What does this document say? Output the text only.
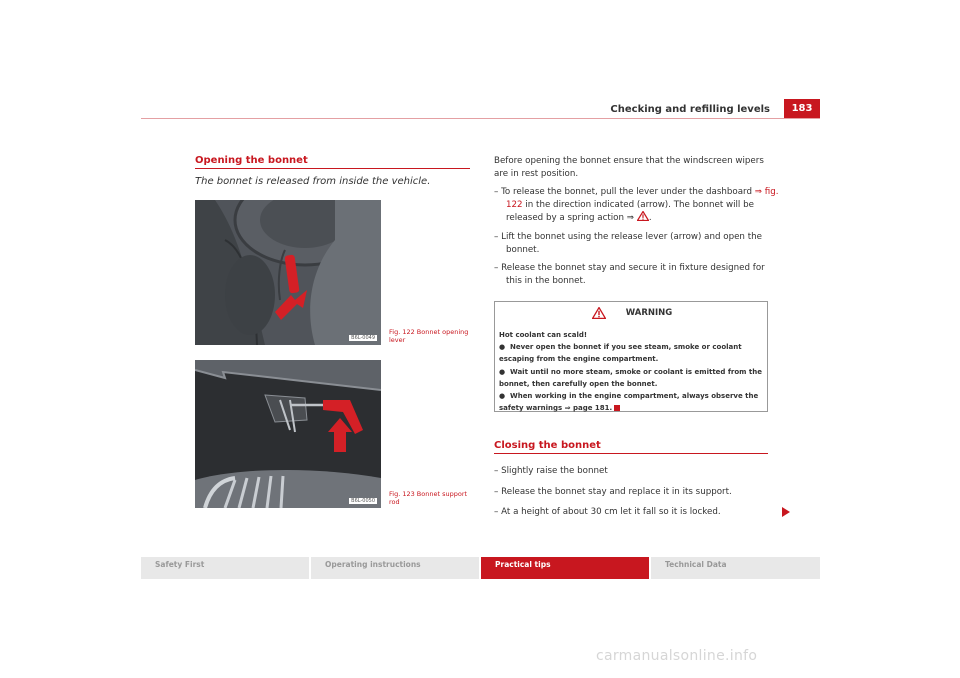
Checking and refilling levels	183
Opening the bonnet
The bonnet is released from inside the vehicle.
B6L-0049
Fig. 122 Bonnet opening lever
B6L-0050
Fig. 123 Bonnet support rod
Before opening the bonnet ensure that the windscreen wipers are in rest position.
– To release the bonnet, pull the lever under the dashboard ⇒ fig. 122 in the direction indicated (arrow). The bonnet will be released by a spring action ⇒ .
– Lift the bonnet using the release lever (arrow) and open the bonnet.
– Release the bonnet stay and secure it in fixture designed for this in the bonnet.
WARNING
Hot coolant can scald!
●  Never open the bonnet if you see steam, smoke or coolant escaping from the engine compartment.
●  Wait until no more steam, smoke or coolant is emitted from the bonnet, then carefully open the bonnet.
●  When working in the engine compartment, always observe the safety warnings ⇒ page 181.
Closing the bonnet
– Slightly raise the bonnet
– Release the bonnet stay and replace it in its support.
– At a height of about 30 cm let it fall so it is locked.
Safety First	Operating instructions	Practical tips	Technical Data
carmanualsonline.info
